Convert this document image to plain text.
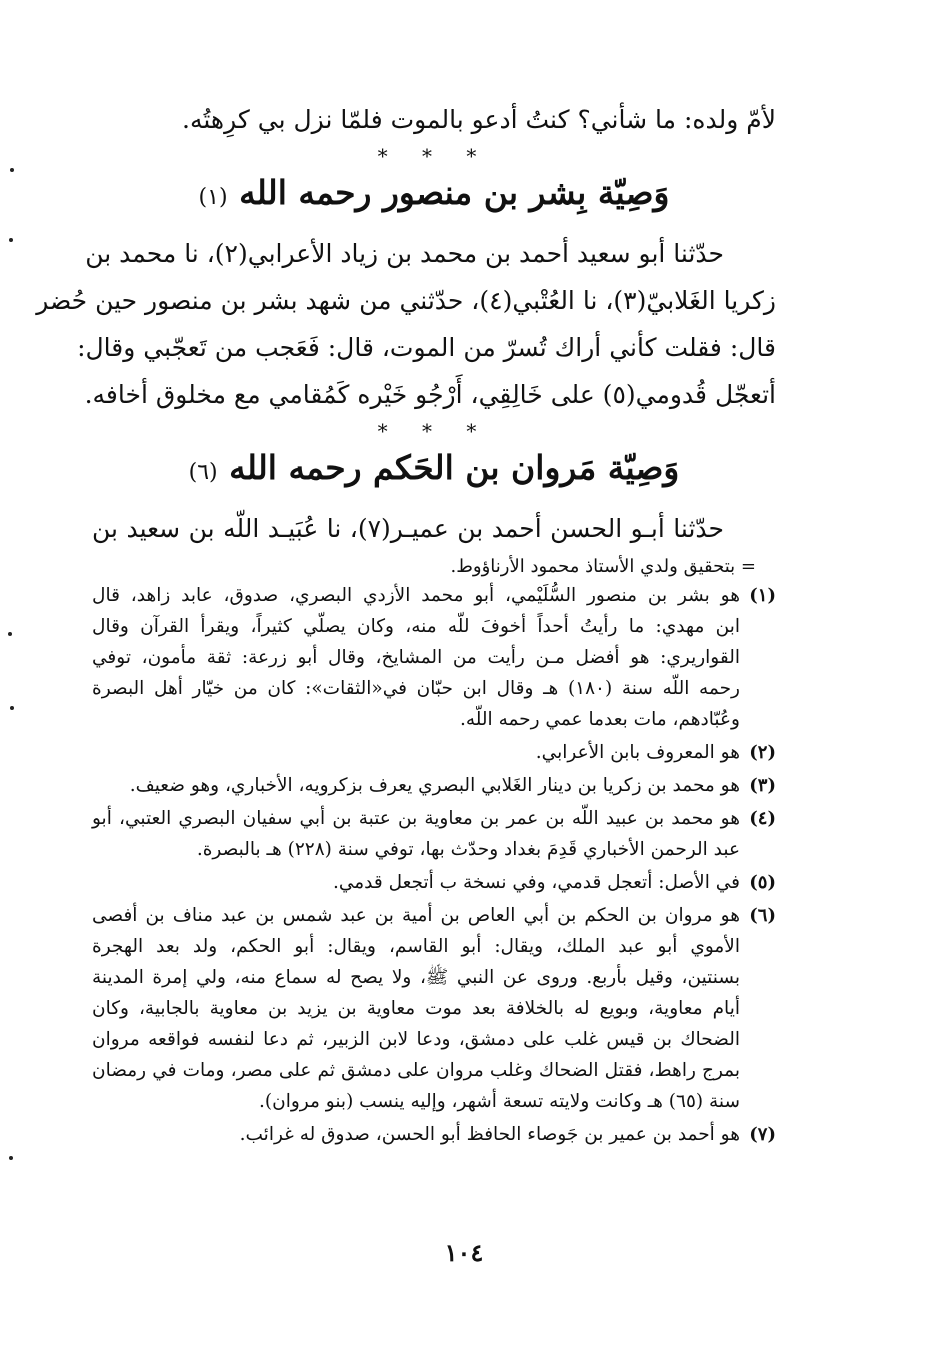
لأمّ ولده: ما شأني؟ كنتُ أدعو بالموت فلمّا نزل بي كرِهتُه.
* * *
وَصِيّة بِشر بن منصور رحمه الله (١)
حدّثنا أبو سعيد أحمد بن محمد بن زياد الأعرابي(٢)، نا محمد بن
زكريا الغَلابيّ(٣)، نا العُتْبي(٤)، حدّثني من شهد بشر بن منصور حين حُضر
قال: فقلت كأني أراك تُسرّ من الموت، قال: فَعَجب من تَعجّبي وقال:
أتعجّل قُدومي(٥) على خَالِقِي، أَرْجُو خَيْره كَمُقامي مع مخلوق أخافه.
* * *
وَصِيّة مَروان بن الحَكم رحمه الله (٦)
حدّثنا أبـو الحسن أحمد بن عميـر(٧)، نا عُبَيـد اللّه بن سعيد بن
= بتحقيق ولدي الأستاذ محمود الأرناؤوط.
(١)
هو بشر بن منصور السُّلَيْمي، أبو محمد الأزدي البصري، صدوق، عابد زاهد، قال
ابن مهدي: ما رأيتُ أحداً أخوفَ للّه منه، وكان يصلّي كثيراً، ويقرأ القرآن وقال
القواريري: هو أفضل مـن رأيت من المشايخ، وقال أبو زرعة: ثقة مأمون، توفي
رحمه اللّه سنة (١٨٠) هـ وقال ابن حبّان في«الثقات»: كان من خيّار أهل البصرة
وعُبّادهم، مات بعدما عمي رحمه اللّه.
(٢)
هو المعروف بابن الأعرابي.
(٣)
هو محمد بن زكريا بن دينار الغَلابي البصري يعرف بزكرويه، الأخباري، وهو ضعيف.
(٤)
هو محمد بن عبيد اللّه بن عمر بن معاوية بن عتبة بن أبي سفيان البصري العتبي، أبو
عبد الرحمن الأخباري قَدِمَ بغداد وحدّث بها، توفي سنة (٢٢٨) هـ بالبصرة.
(٥)
في الأصل: أتعجل قدمي، وفي نسخة ب أتجعل قدمي.
(٦)
هو مروان بن الحكم بن أبي العاص بن أمية بن عبد شمس بن عبد مناف بن أفصى
الأموي أبو عبد الملك، ويقال: أبو القاسم، ويقال: أبو الحكم، ولد بعد الهجرة
بسنتين، وقيل بأربع. وروى عن النبي ﷺ، ولا يصح له سماع منه، ولي إمرة المدينة
أيام معاوية، وبويع له بالخلافة بعد موت معاوية بن يزيد بن معاوية بالجابية، وكان
الضحاك بن قيس غلب على دمشق، ودعا لابن الزبير، ثم دعا لنفسه فواقعه مروان
بمرج راهط، فقتل الضحاك وغلب مروان على دمشق ثم على مصر، ومات في رمضان
سنة (٦٥) هـ وكانت ولايته تسعة أشهر، وإليه ينسب (بنو مروان).
(٧)
هو أحمد بن عمير بن جَوصاء الحافظ أبو الحسن، صدوق له غرائب.
١٠٤
